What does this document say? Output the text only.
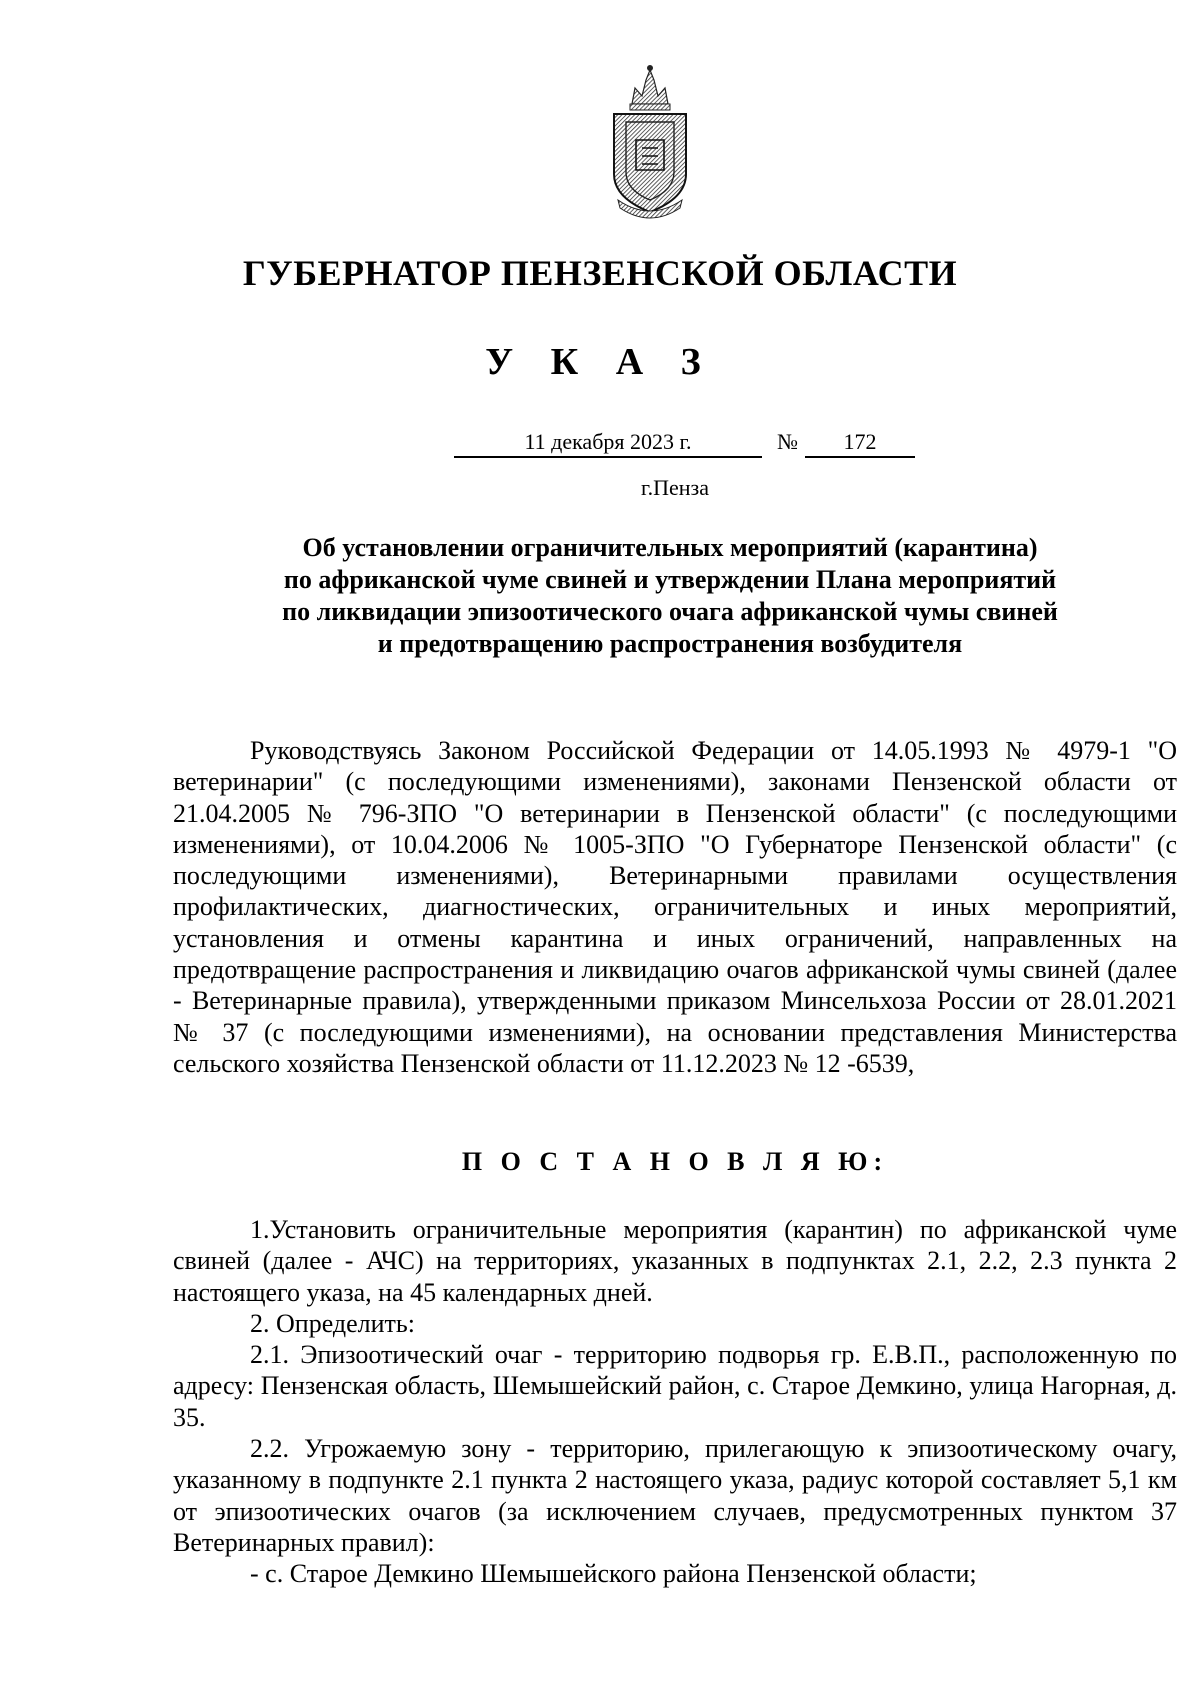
ГУБЕРНАТОР ПЕНЗЕНСКОЙ ОБЛАСТИ
У К А З
11 декабря 2023 г.	№	172
г.Пенза
Об установлении ограничительных мероприятий (карантина)
по африканской чуме свиней и утверждении Плана мероприятий
по ликвидации эпизоотического очага африканской чумы свиней
и предотвращению распространения возбудителя

Руководствуясь Законом Российской Федерации от 14.05.1993 № 4979-1 "О ветеринарии" (с последующими изменениями), законами Пензенской области от 21.04.2005 № 796-ЗПО "О ветеринарии в Пензенской области" (с последующими изменениями), от 10.04.2006 № 1005-ЗПО "О Губернаторе Пензенской области" (с последующими изменениями), Ветеринарными правилами осуществления профилактических, диагностических, ограничительных и иных мероприятий, установления и отмены карантина и иных ограничений, направленных на предотвращение распространения и ликвидацию очагов африканской чумы свиней (далее - Ветеринарные правила), утвержденными приказом Минсельхоза России от 28.01.2021 № 37 (с последующими изменениями), на основании представления Министерства сельского хозяйства Пензенской области от 11.12.2023 № 12 -6539,

П О С Т А Н О В Л Я Ю:

1.Установить ограничительные мероприятия (карантин) по африканской чуме свиней (далее - АЧС) на территориях, указанных в подпунктах 2.1, 2.2, 2.3 пункта 2 настоящего указа, на 45 календарных дней.

2. Определить:

2.1. Эпизоотический очаг - территорию подворья гр. Е.В.П., расположенную по адресу: Пензенская область, Шемышейский район, с. Старое Демкино, улица Нагорная, д. 35.

2.2. Угрожаемую зону - территорию, прилегающую к эпизоотическому очагу, указанному в подпункте 2.1 пункта 2 настоящего указа, радиус которой составляет 5,1 км от эпизоотических очагов (за исключением случаев, предусмотренных пунктом 37 Ветеринарных правил):

- с. Старое Демкино Шемышейского района Пензенской области;
